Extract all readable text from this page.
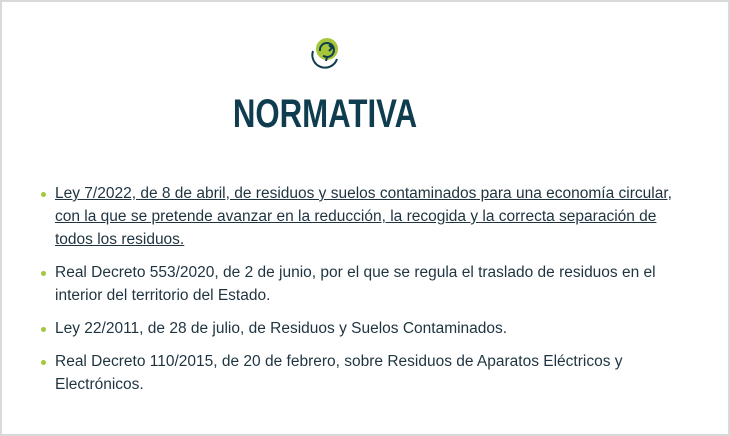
NORMATIVA
Ley 7/2022, de 8 de abril, de residuos y suelos contaminados para una economía circular, con la que se pretende avanzar en la reducción, la recogida y la correcta separación de todos los residuos.
Real Decreto 553/2020, de 2 de junio, por el que se regula el traslado de residuos en el interior del territorio del Estado.
Ley 22/2011, de 28 de julio, de Residuos y Suelos Contaminados.
Real Decreto 110/2015, de 20 de febrero, sobre Residuos de Aparatos Eléctricos y Electrónicos.
